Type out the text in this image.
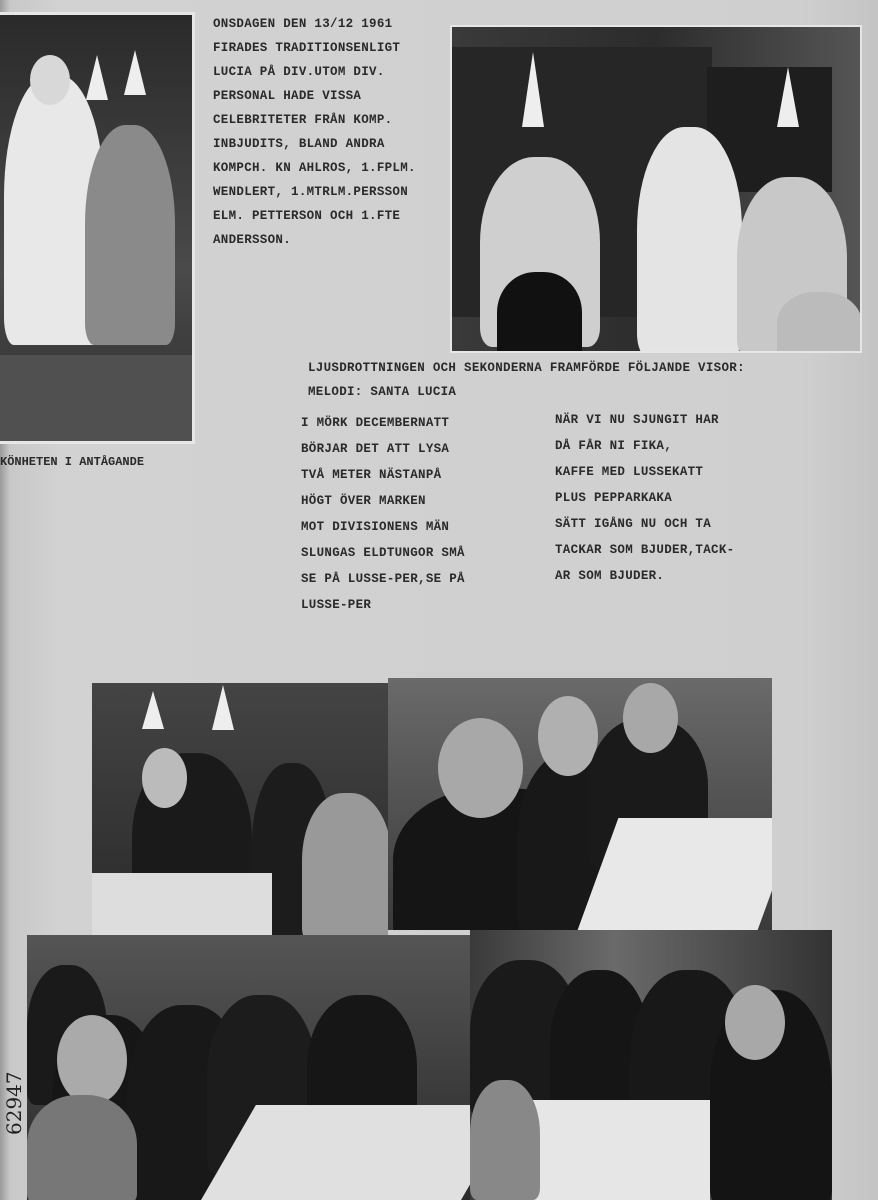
ONSDAGEN DEN 13/12 1961
FIRADES TRADITIONSENLIGT
LUCIA PÅ DIV.UTOM DIV.
PERSONAL HADE VISSA
CELEBRITETER FRÅN KOMP.
INBJUDITS, BLAND ANDRA
KOMPCH. KN AHLROS, 1.FPLM.
WENDLERT, 1.MTRLM.PERSSON
ELM. PETTERSON OCH 1.FTE
ANDERSSON.
KÖNHETEN I ANTÅGANDE
LJUSDROTTNINGEN OCH SEKONDERNA FRAMFÖRDE FÖLJANDE VISOR:
MELODI: SANTA LUCIA
I MÖRK DECEMBERNATT
BÖRJAR DET ATT LYSA
TVÅ METER NÄSTANPÅ
HÖGT ÖVER MARKEN
MOT DIVISIONENS MÄN
SLUNGAS ELDTUNGOR SMÅ
SE PÅ LUSSE-PER,SE PÅ
LUSSE-PER
NÄR VI NU SJUNGIT HAR
DÅ FÅR NI FIKA,
KAFFE MED LUSSEKATT
PLUS PEPPARKAKA
SÄTT IGÅNG NU OCH TA
TACKAR SOM BJUDER,TACK-
AR SOM BJUDER.
62947
